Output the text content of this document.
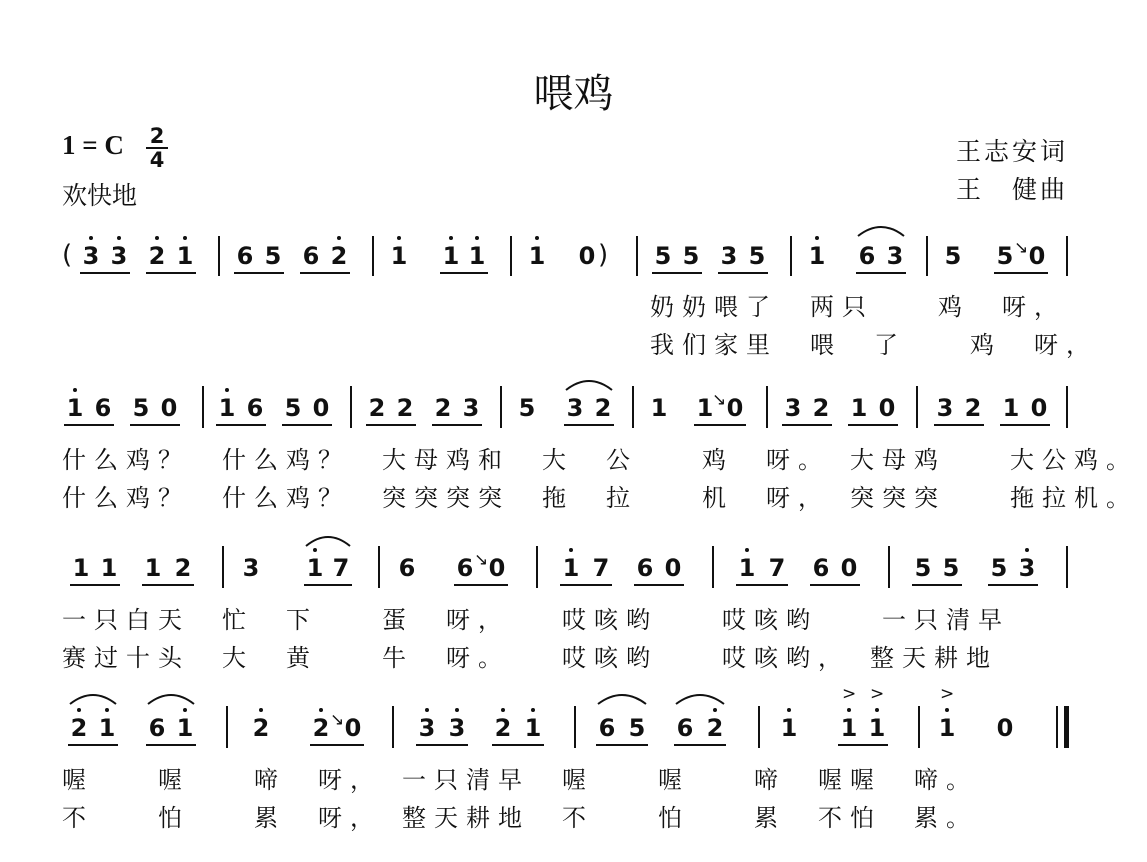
喂鸡
1 = C 2
4
欢快地
王志安词
王　健曲
3 3 2 1 6 5 6 2 1 1 1 1 0 5 5 3 5 1 6 3 5 5 ↘ 0
1 6 5 0 1 6 5 0 2 2 2 3 5 3 2 1 1
↘ 0 3 2 1 0 3 2 1 0
1 1 1 2 3 1 7 6 6 ↘ 0 1 7 6 0 1 7 6 0 5 5 5 3
2 1 6 1 2 2 ↘ 0 3 3 2 1 6 5 6 2 1 1 1
> >
1 0
>
奶奶喂了　两只　　鸡　呀，
我们家里　喂　了　　鸡　呀，
什么鸡？　什么鸡？　大母鸡和　大　公　　鸡　呀。　大母鸡　　大公鸡。
什么鸡？　什么鸡？　突突突突　拖　拉　　机　呀，　突突突　　拖拉机。
一只白天　忙　下　　蛋　呀，　　哎咳哟　　哎咳哟　　一只清早
赛过十头　大　黄　　牛　呀。　　哎咳哟　　哎咳哟，　整天耕地
喔　　喔　　啼　呀，　一只清早　喔　　喔　　啼　喔喔　啼。
不　　怕　　累　呀，　整天耕地　不　　怕　　累　不怕　累。
(	)
